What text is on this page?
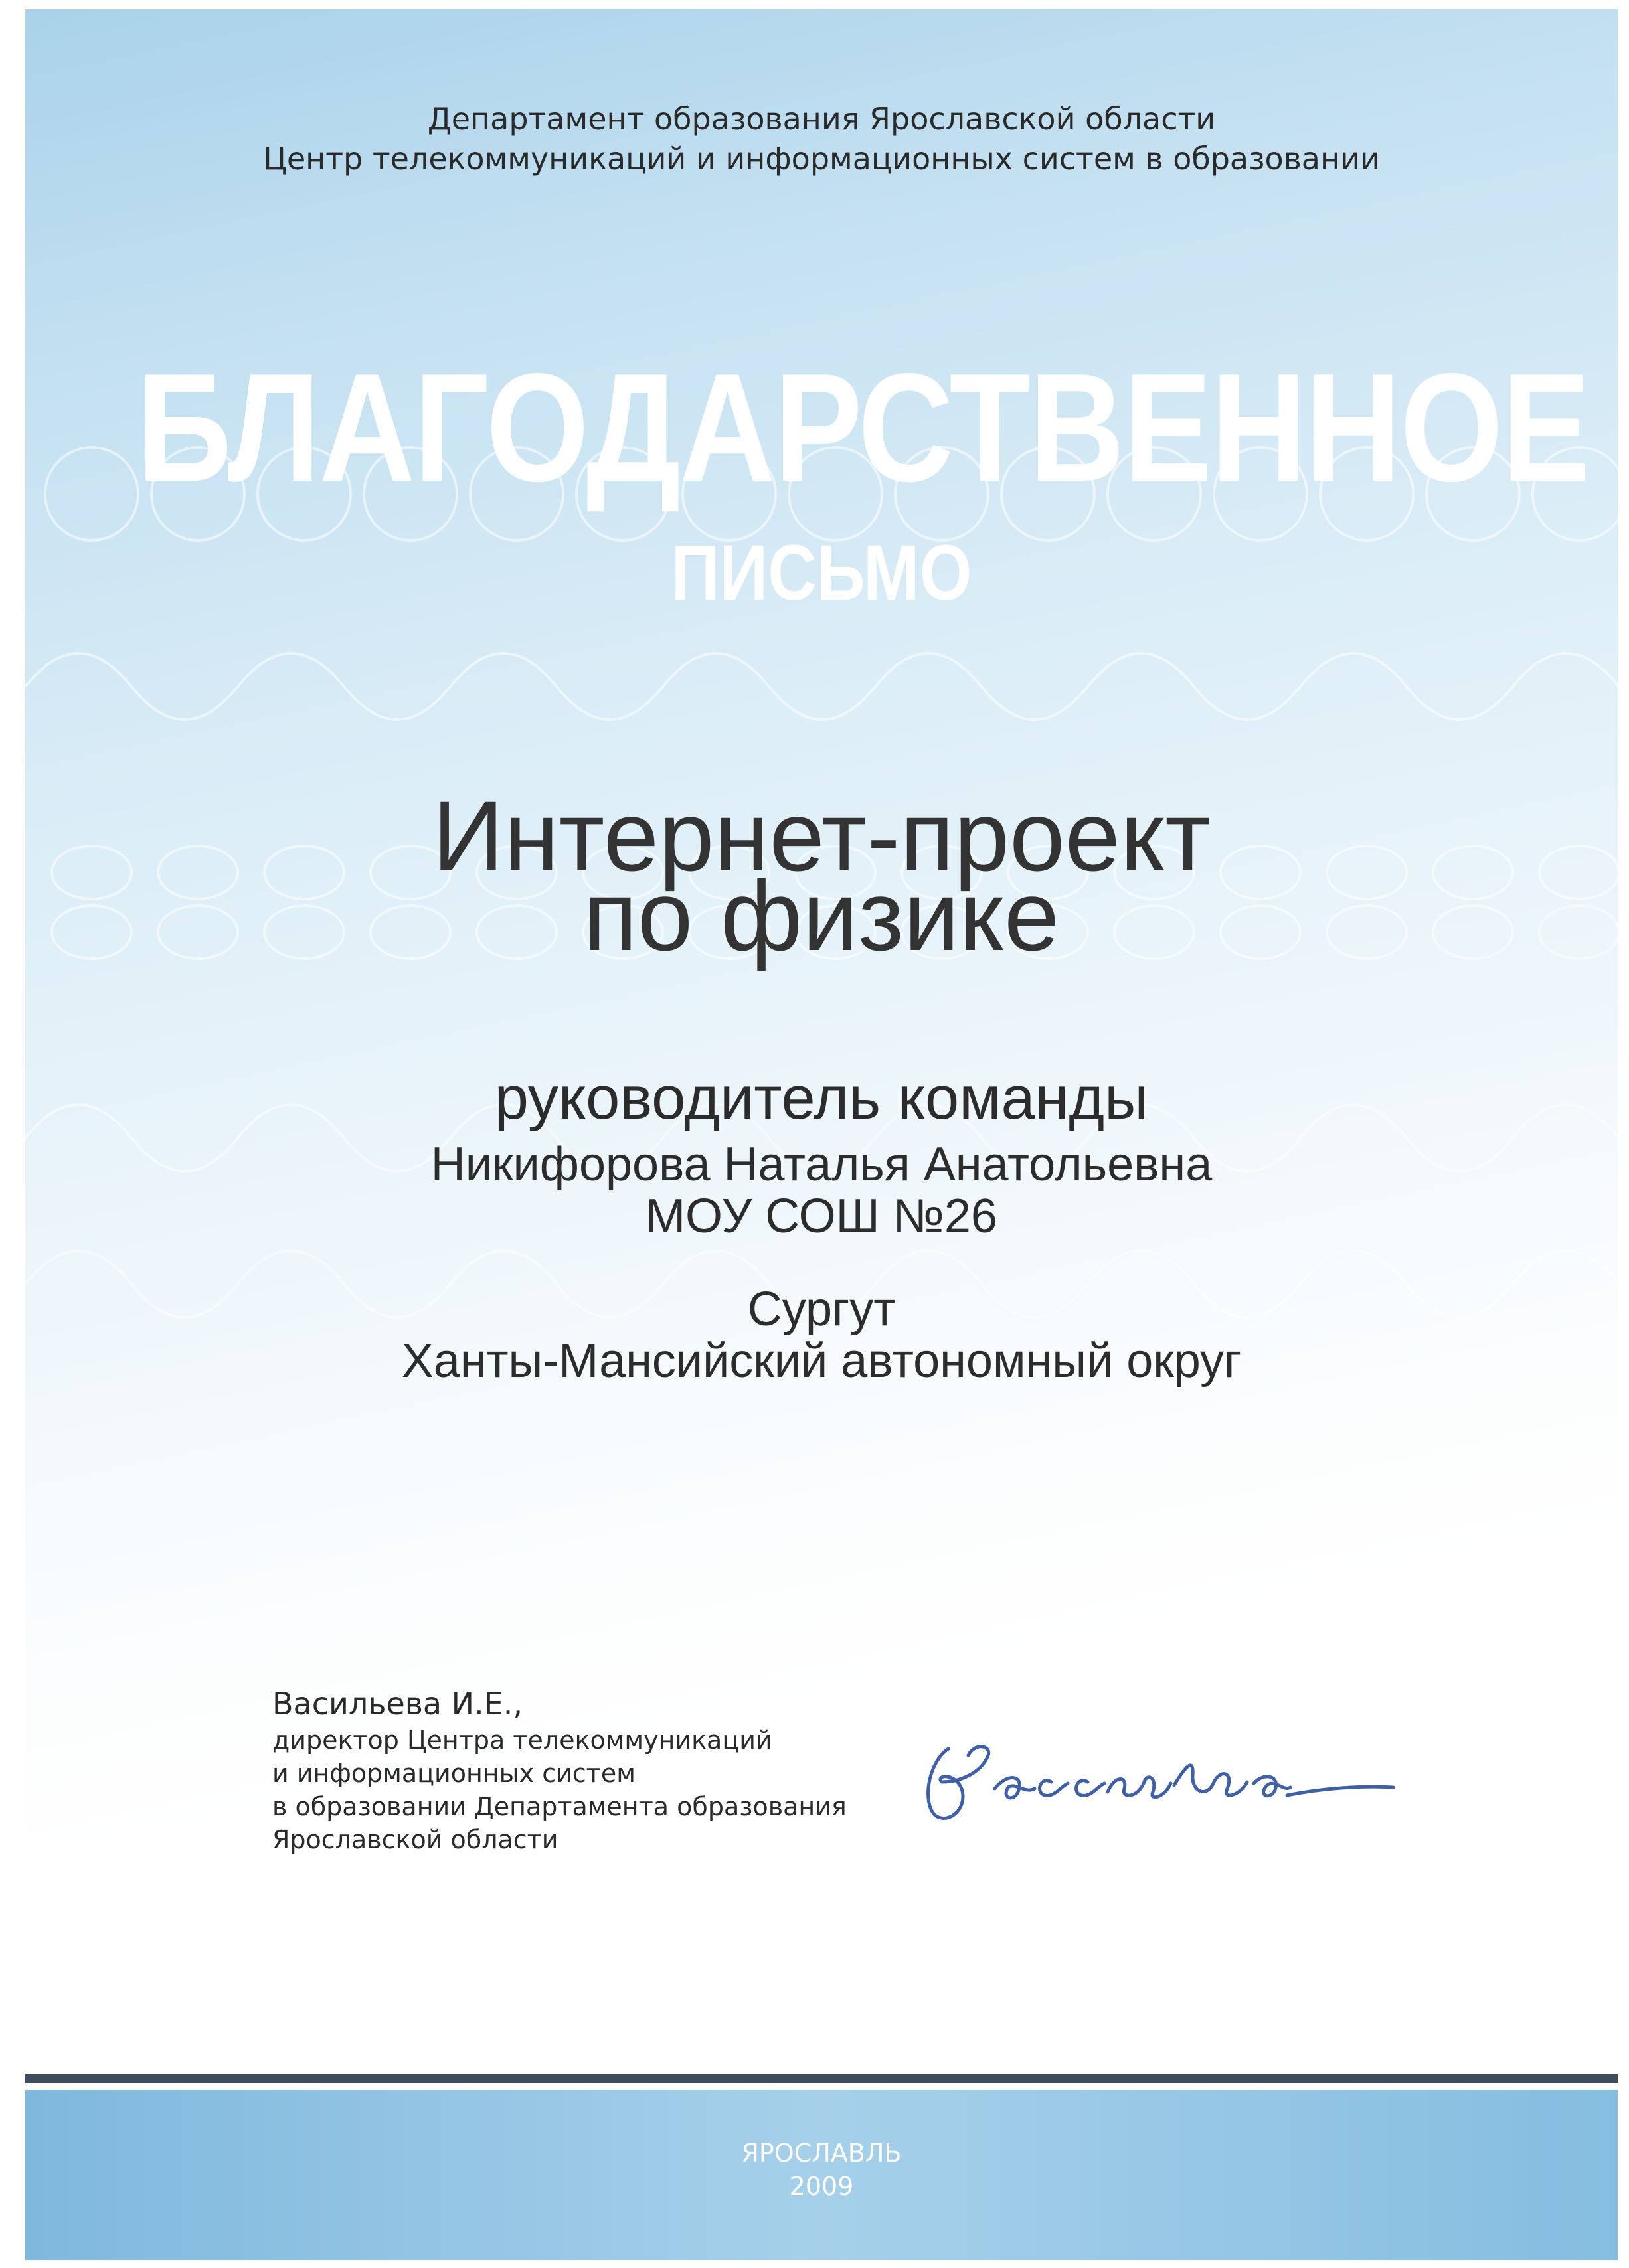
Департамент образования Ярославской области
Центр телекоммуникаций и информационных систем в образовании
БЛАГОДАРСТВЕННОЕ
ПИСЬМО
Интернет-проект
по физике
руководитель команды
Никифорова Наталья Анатольевна
МОУ СОШ №26
Сургут
Ханты-Мансийский автономный округ
Васильева И.Е.,
директор Центра телекоммуникаций
и информационных систем
в образовании Департамента образования
Ярославской области
ЯРОСЛАВЛЬ
2009
